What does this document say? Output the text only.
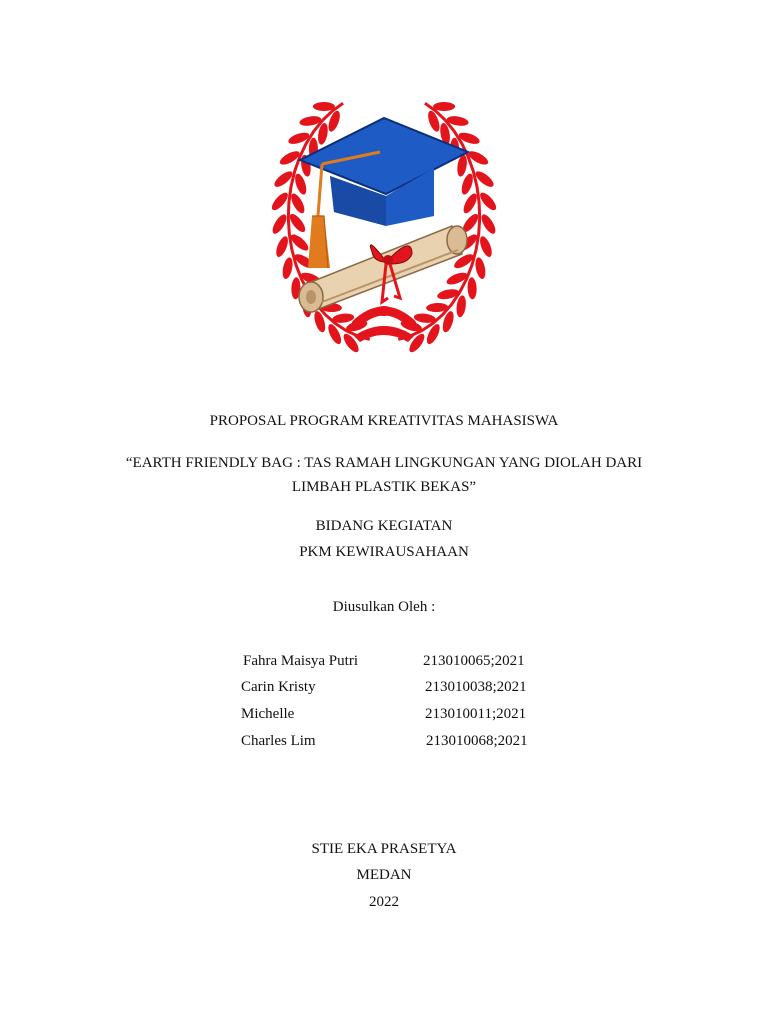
PROPOSAL PROGRAM KREATIVITAS MAHASISWA
“EARTH FRIENDLY BAG : TAS RAMAH LINGKUNGAN YANG DIOLAH DARI
LIMBAH PLASTIK BEKAS”
BIDANG KEGIATAN
PKM KEWIRAUSAHAAN
Diusulkan Oleh :
Fahra Maisya Putri	213010065;2021
Carin Kristy	213010038;2021
Michelle	213010011;2021
Charles Lim	213010068;2021
STIE EKA PRASETYA
MEDAN
2022
